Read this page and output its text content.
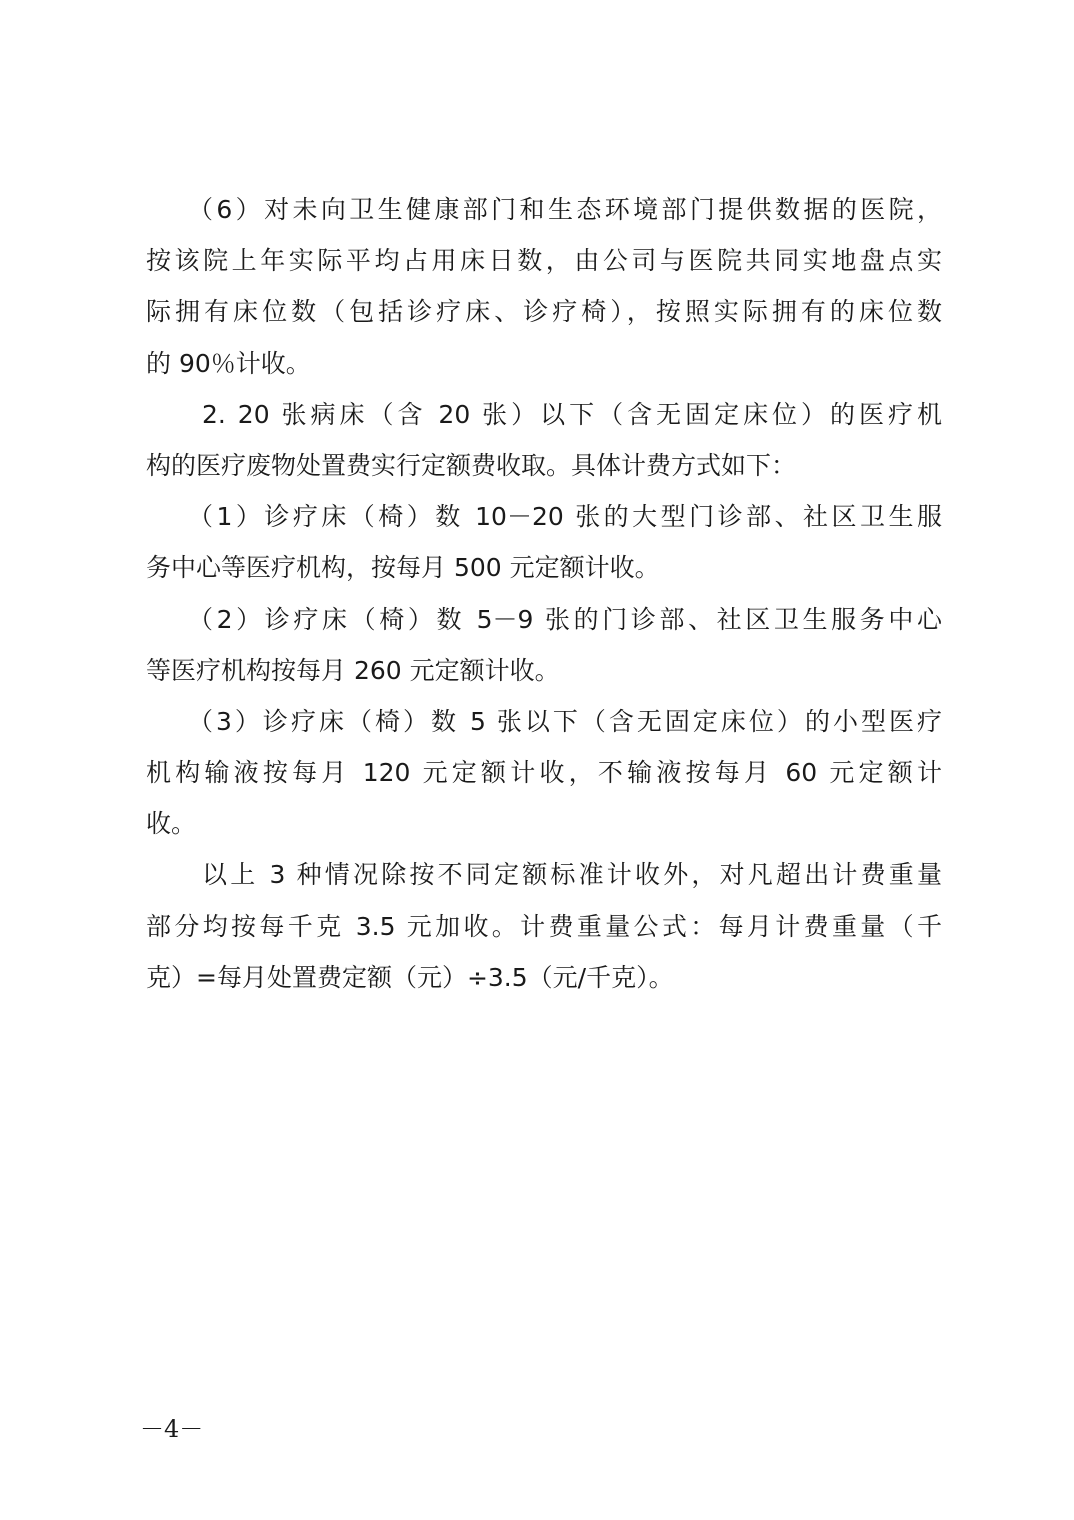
（6）对未向卫生健康部门和生态环境部门提供数据的医院，
按该院上年实际平均占用床日数，由公司与医院共同实地盘点实
际拥有床位数（包括诊疗床、诊疗椅），按照实际拥有的床位数
的 90％计收。
2. 20 张病床（含 20 张）以下（含无固定床位）的医疗机
构的医疗废物处置费实行定额费收取。具体计费方式如下：
（1）诊疗床（椅）数 10－20 张的大型门诊部、社区卫生服
务中心等医疗机构，按每月 500 元定额计收。
（2）诊疗床（椅）数 5－9 张的门诊部、社区卫生服务中心
等医疗机构按每月 260 元定额计收。
（3）诊疗床（椅）数 5 张以下（含无固定床位）的小型医疗
机构输液按每月 120 元定额计收，不输液按每月 60 元定额计
收。
以上 3 种情况除按不同定额标准计收外，对凡超出计费重量
部分均按每千克 3.5 元加收。计费重量公式：每月计费重量（千
克）=每月处置费定额（元）÷3.5（元/千克）。
－4－
